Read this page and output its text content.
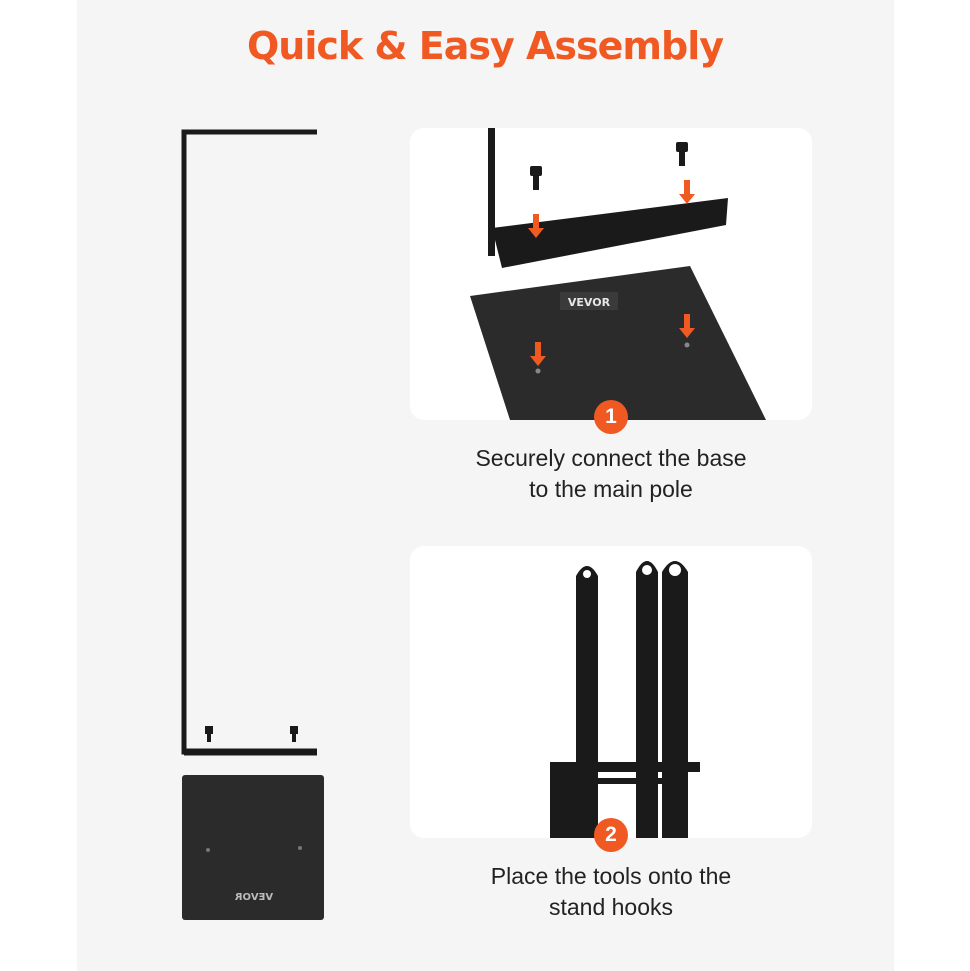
Quick & Easy Assembly
VEVOR
VEVOR
1
Securely connect the base
to the main pole
2
Place the tools onto the
stand hooks
